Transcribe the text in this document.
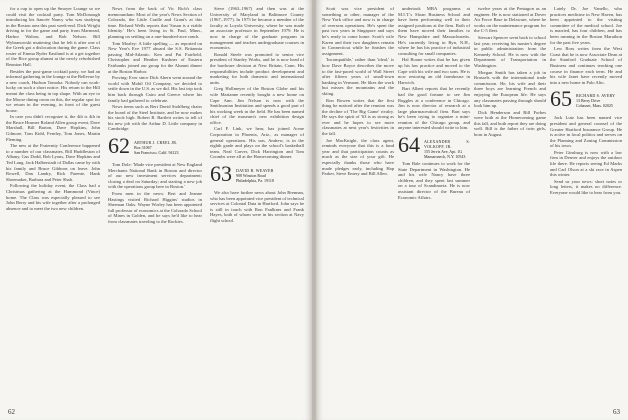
for a cup to open up the Smoyer Lounge so we could visit the cocktail party. Tom McDonough introducing his fiancée Nancy who was studying in the Boston area this past week-end. Dick Wright driving in for the game and party from Marmead, Harbor Walton, and Bob Nelson. Bill Wybranowski muttering that he felt it after one of the Greek got a dislocation during the game. Class roster of Emma Ryder Eastlund is at a get together of the Rice group alumni at the newly refurbished Reunion Hall.

Besides the post-game cocktail party, we had an informal gathering in the lounge at the Bellevue by a new coach, Hudson Tomoka. Nobody can work-lucky on such a short notice. His return to the Hill meant the class being in top shape. With an eye to the Moose dining room on this, the regular spot for we return in the evening, in front of the guest house.

In case you didn't recognize it, the 4th is 4th in the Bruce Hosmer Roland Allen group event, Dave Marshall, Bill Barton, Dave Hopkins, John Gilmore, Tom Kidd, Fernley, Tom Jones, Martin Fleming.

The new at the Fraternity Conference happened to a number of our classmates, Bill Huddleston of Albany, Gus Dodd, Bob Lyons, Dave Hopkins and Ted Lang. Jack Halberstadt of Dallas came by with his family and Bruce Gibbons on leave. John Rowell, Dan Landry, Rick Parente, Hank Shoemaker, Barbara and Peter Shah.

Following the holiday event, the Class had a Christmas gathering at the Hammond (Vince) home. The Class was especially pleased to see John Berry and his wife together after a prolonged absence and to meet the two new children.

News from the back of Vic Rich's class memorandum: Most of the year's News Section of Colorado, the Little Cradle and Grant's at this time. Richard Wells reports that 'Susan is a viable Identity.' He's been living in St. Paul, Minn., planning on settling on a one-hundred-acre ranch.

Tom Moaley: A little spelling — as reported on New Year's Eve 1977 aboard the S.S. Britannia passing Mid-Atlantic. Ken and Pat Fairfield, Christopher and Heather Kushner of Eastern Fairbanks joined our group for the Alumni dinner at the Boston Harbor.

Proving: Ever since Dick Ahern went around the world with Mobil Oil Company, we decided to settle down in the U.S. as we did. His last trip took him back through Cairo and Greece where his family had gathered to celebrate.

News items such as Bert David Stohlberg chairs the board of the Steel Institute, and he now makes his stock high. Robert R. Bartlett writes to tell of his new job with the Arthur D. Little company in Cambridge.

62 ARTHUR J. CREEL JR.
Box 31067
San Francisco, Calif. 94123

Tom Dole: 'Made vice president at New England Merchants National Bank in Boston and director of our new investment services department; closing a deal on Saturday; and starting a new job with the operations group here in Boston.'

From men in the news: Bert and Jeanne Hastings visited Richard Higgins' studios in Sherman Oaks. Wayne Worley has been appointed full professor of economics at the Colorado School of Mines in Golden, and he says he'd like to hear from classmates traveling to the Rockies.

Steve (1963–1967) and then was at the University of Maryland in Baltimore County (1967–1977). In 1975 he became a member of the faculty at Loyola University, where he was made an associate professor in September 1979. He is now in charge of the graduate program in management and teaches undergraduate courses in economics.

Ronald Steele was promoted to senior vice president of Stanley Works, and he is now head of the hardware division at New Britain, Conn. His responsibilities include product development and marketing for both domestic and international units.

Greg Hollmeyer of the Boston Globe and his wife Marianne recently bought a new home on Cape Ann. Jim Nelson is now with the Smithsonian Institution and spends a good part of his working week in the field. He has been named chief of the museum's new exhibition design office.

Carl F. Link, we hear, has joined Acme Corporation in Phoenix, Ariz., as manager of general operations. His son, Andrew, is in the eighth grade and plays on the school's basketball team. Neal Carver, Dick Harrington and Tom Coombs were all at the Homecoming dinner.

63 DAVID B. WEAVER
908 Winston Road
Philadelphia, Pa. 19118

We also have further news about John Brennan, who has been appointed vice president of technical services at Colonial Data in Hartford. John says he is still in touch with Ron Faulkner and Frank Hayes, both of whom were in his section at Navy flight school.

62

Scott was vice president of something or other, manager of the New York office and now is in charge of overseas operations. He's spent the past two years in Singapore and says he's ready to come home. Scott's wife Karen and their two daughters remain in Connecticut while he finishes the assignment.

'Incompatible,' rather than 'ideal,' is how Dave Boyce describes the move to the fast-paced world of Wall Street after fifteen years of small-town banking in Vermont. He likes the work but misses the mountains and the skiing.

Ron Bowen writes that the first thing he noticed after the reunion was the decline of 'The Big Game' rivalry. He says the spirit of '63 is as strong as ever and he hopes to see more classmates at next year's festivities in the fall.

Joe MacKnight, the class agent, reminds everyone that this is a fund year and that participation counts as much as the size of your gift. He especially thanks those who have made pledges early, including Hap Parker, Steve Emery and Bill Allen.

undertook MBA programs at M.I.T.'s Sloan Business School and have been performing well in their assigned positions at the firm. Both of them have moved their families to New Hampshire and Massachusetts. He's currently living in Ryn, N.H., where he has his practice of industrial consulting for small companies.

Hal Boone writes that he has given up his law practice and moved to the Cape with his wife and two sons. He is now restoring an old farmhouse in Harwich.

Bart Albert reports that he recently had the good fortune to see Jim Ruggles at a conference in Chicago. Jim is now director of research at a large pharmaceutical firm. Bart says he's been trying to organize a mini-reunion of the Chicago group, and anyone interested should write to him.

64 ALEXANDER S. VOLKOFF, JR.
155 Jervis Ave, Apt. 1G
Mamaroneck, N.Y. 10543

Tom Bale continues to work for the State Department in Washington. He and his wife Nancy have three children, and they spent last summer on a tour of Scandinavia. He is now assistant director of the Bureau of Economic Affairs.

twelve years at the Pentagon as an engineer. He is now stationed at Dover Air Force Base in Delaware, where he works on the maintenance program for the C-5 fleet.

Stewart Spencer went back to school last year, receiving his master's degree in public administration from the Kennedy School. He is now with the Department of Transportation in Washington.

Morgan Smith has taken a job in Brussels with the international trade commission. He, his wife and their three boys are learning French and enjoying the European life. He says any classmates passing through should look him up.

Dick Henderson and Bill Forbes were both at the Homecoming game this fall, and both report they are doing well. Bill is the father of twin girls, born in August.

Lately Dr. Joe Vanello, who practices medicine in New Haven, has been appointed to the visiting committee of the medical school. Joe is married, has four children, and has been running in the Boston Marathon for the past five years.

Lew Ross writes from the West Coast that he is now Associate Dean at the Stanford Graduate School of Business and continues teaching one course in finance each term. He and his wife Janet have recently moved into a new home in Palo Alto.

65 RICHARD S. AVERY
13 Berry Drive
Cohasset, Mass. 02025

Jack Lutz has been named vice president and general counsel of the Greater Hartford Insurance Group. He is active in local politics and serves on the Planning and Zoning Commission of his town.

Peter Ginsburg is now with a law firm in Denver and enjoys the outdoor life there. He reports seeing Ed Marks and Carl Olson at a ski race in Aspen this winter.

Send us your news: short notes or long letters, it makes no difference. Everyone would like to hear from you.

63
